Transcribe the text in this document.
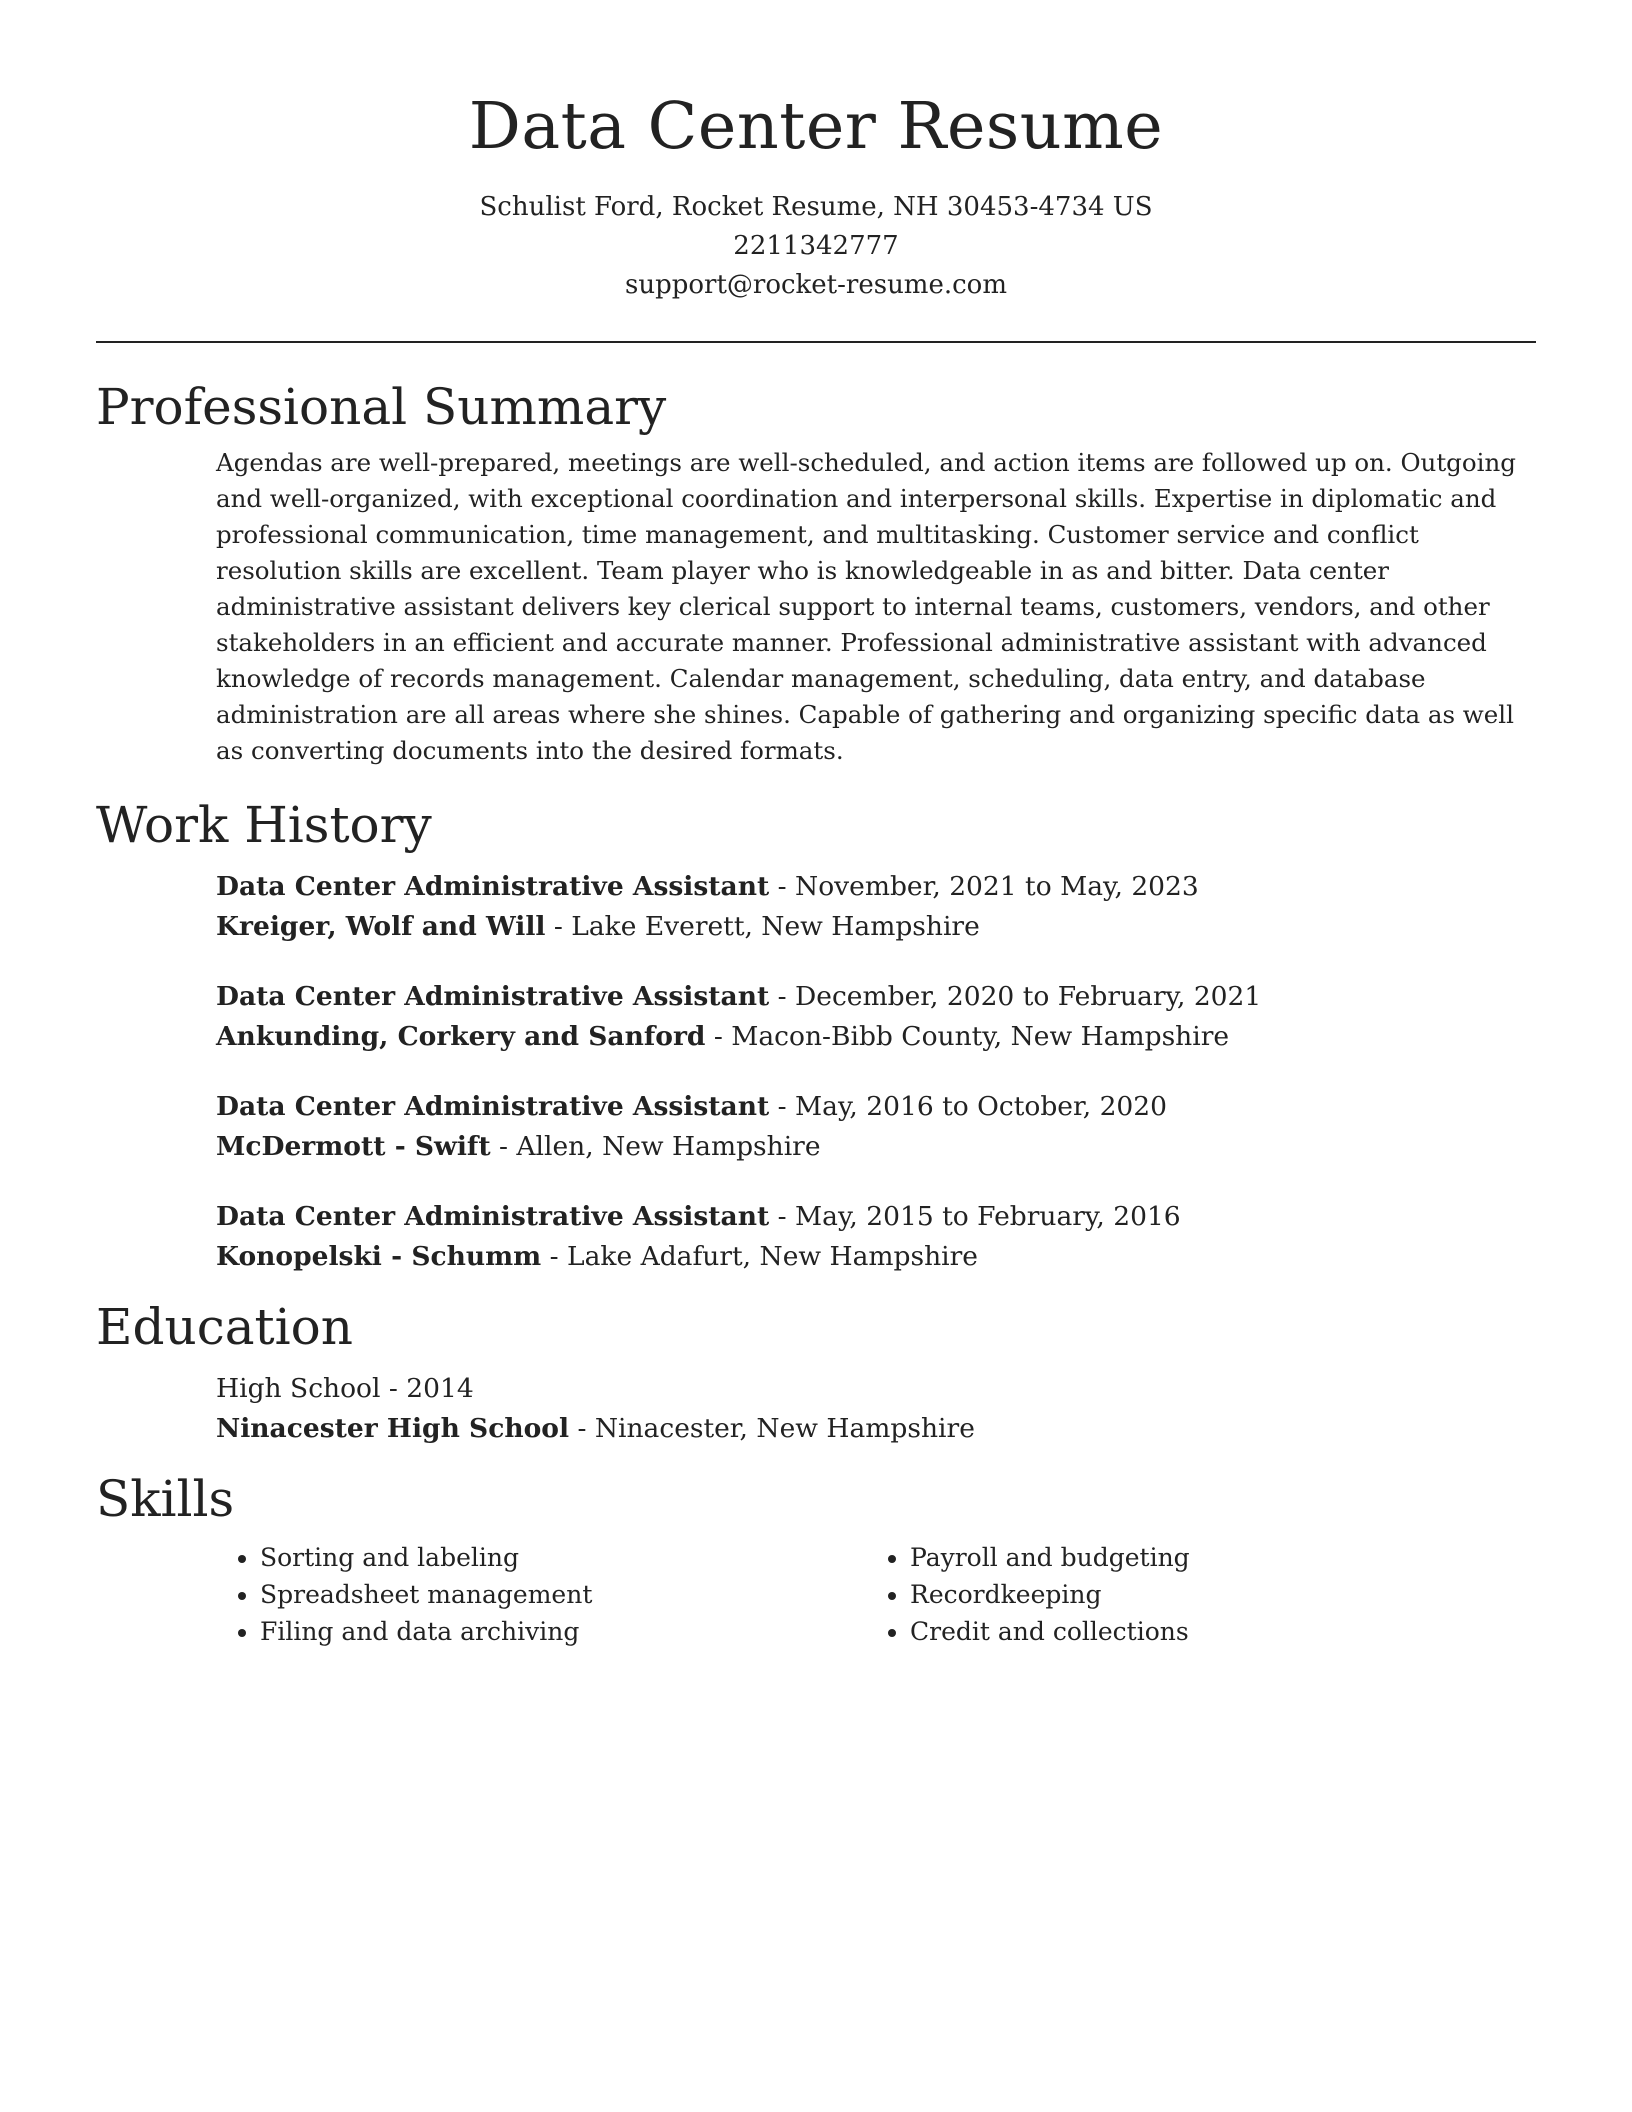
Data Center Resume
Schulist Ford, Rocket Resume, NH 30453-4734 US
2211342777
support@rocket-resume.com
Professional Summary

Agendas are well-prepared, meetings are well-scheduled, and action items are followed up on. Outgoing and well-organized, with exceptional coordination and interpersonal skills. Expertise in diplomatic and professional communication, time management, and multitasking. Customer service and conflict resolution skills are excellent. Team player who is knowledgeable in as and bitter. Data center administrative assistant delivers key clerical support to internal teams, customers, vendors, and other stakeholders in an efficient and accurate manner. Professional administrative assistant with advanced knowledge of records management. Calendar management, scheduling, data entry, and database administration are all areas where she shines. Capable of gathering and organizing specific data as well as converting documents into the desired formats.

Work History
Data Center Administrative Assistant - November, 2021 to May, 2023
Kreiger, Wolf and Will - Lake Everett, New Hampshire
Data Center Administrative Assistant - December, 2020 to February, 2021
Ankunding, Corkery and Sanford - Macon-Bibb County, New Hampshire
Data Center Administrative Assistant - May, 2016 to October, 2020
McDermott - Swift - Allen, New Hampshire
Data Center Administrative Assistant - May, 2015 to February, 2016
Konopelski - Schumm - Lake Adafurt, New Hampshire
Education
High School - 2014
Ninacester High School - Ninacester, New Hampshire
Skills
• Sorting and labeling
• Spreadsheet management
• Filing and data archiving
• Payroll and budgeting
• Recordkeeping
• Credit and collections
